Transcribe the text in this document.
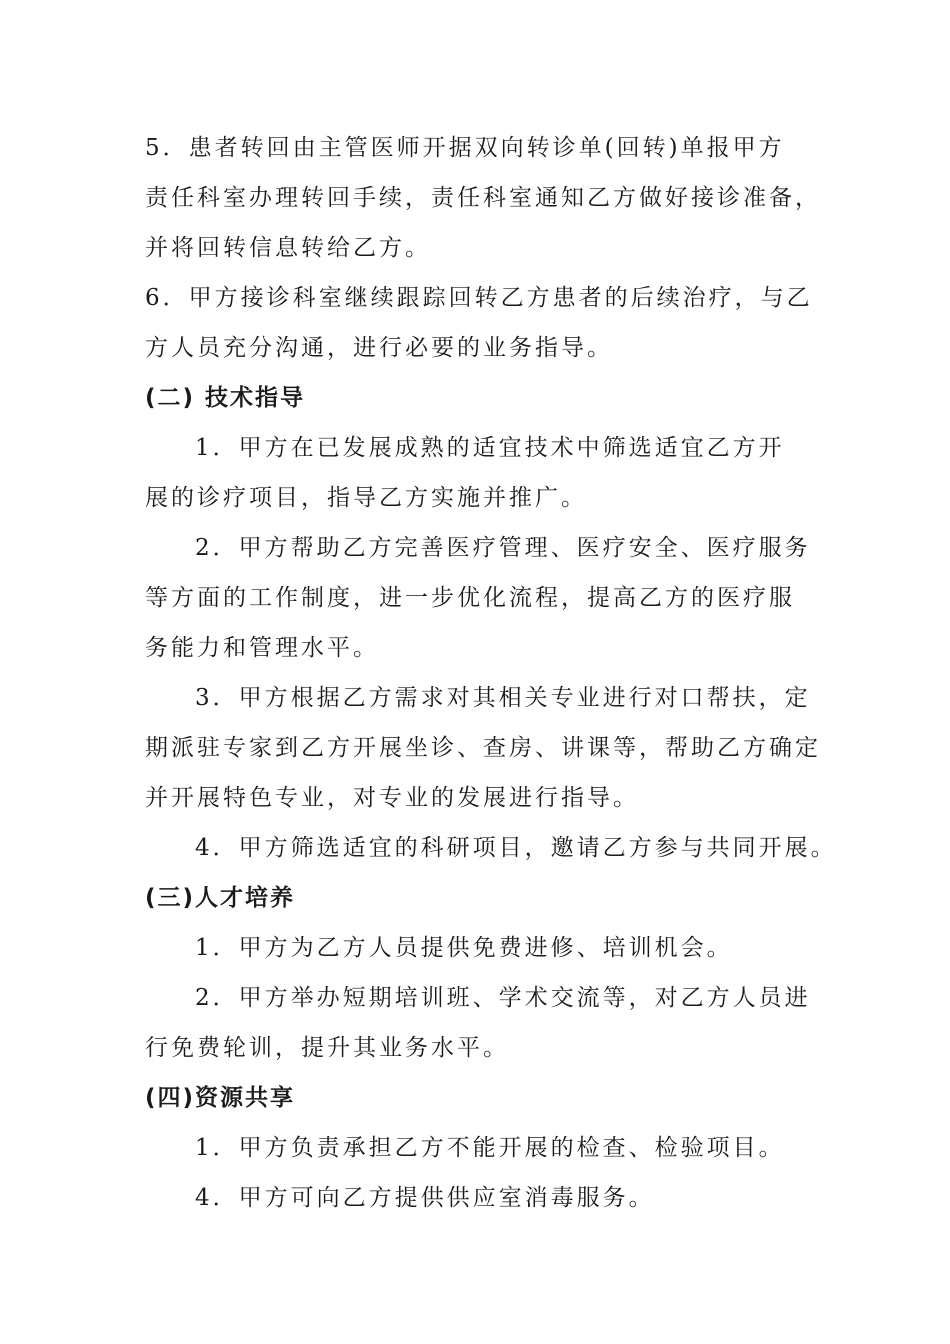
5．患者转回由主管医师开据双向转诊单(回转)单报甲方
责任科室办理转回手续，责任科室通知乙方做好接诊准备，
并将回转信息转给乙方。
6．甲方接诊科室继续跟踪回转乙方患者的后续治疗，与乙
方人员充分沟通，进行必要的业务指导。
(二) 技术指导
1．甲方在已发展成熟的适宜技术中筛选适宜乙方开
展的诊疗项目，指导乙方实施并推广。
2．甲方帮助乙方完善医疗管理、医疗安全、医疗服务
等方面的工作制度，进一步优化流程，提高乙方的医疗服
务能力和管理水平。
3．甲方根据乙方需求对其相关专业进行对口帮扶，定
期派驻专家到乙方开展坐诊、查房、讲课等，帮助乙方确定
并开展特色专业，对专业的发展进行指导。
4．甲方筛选适宜的科研项目，邀请乙方参与共同开展。
(三)人才培养
1．甲方为乙方人员提供免费进修、培训机会。
2．甲方举办短期培训班、学术交流等，对乙方人员进
行免费轮训，提升其业务水平。
(四)资源共享
1．甲方负责承担乙方不能开展的检查、检验项目。
4．甲方可向乙方提供供应室消毒服务。
